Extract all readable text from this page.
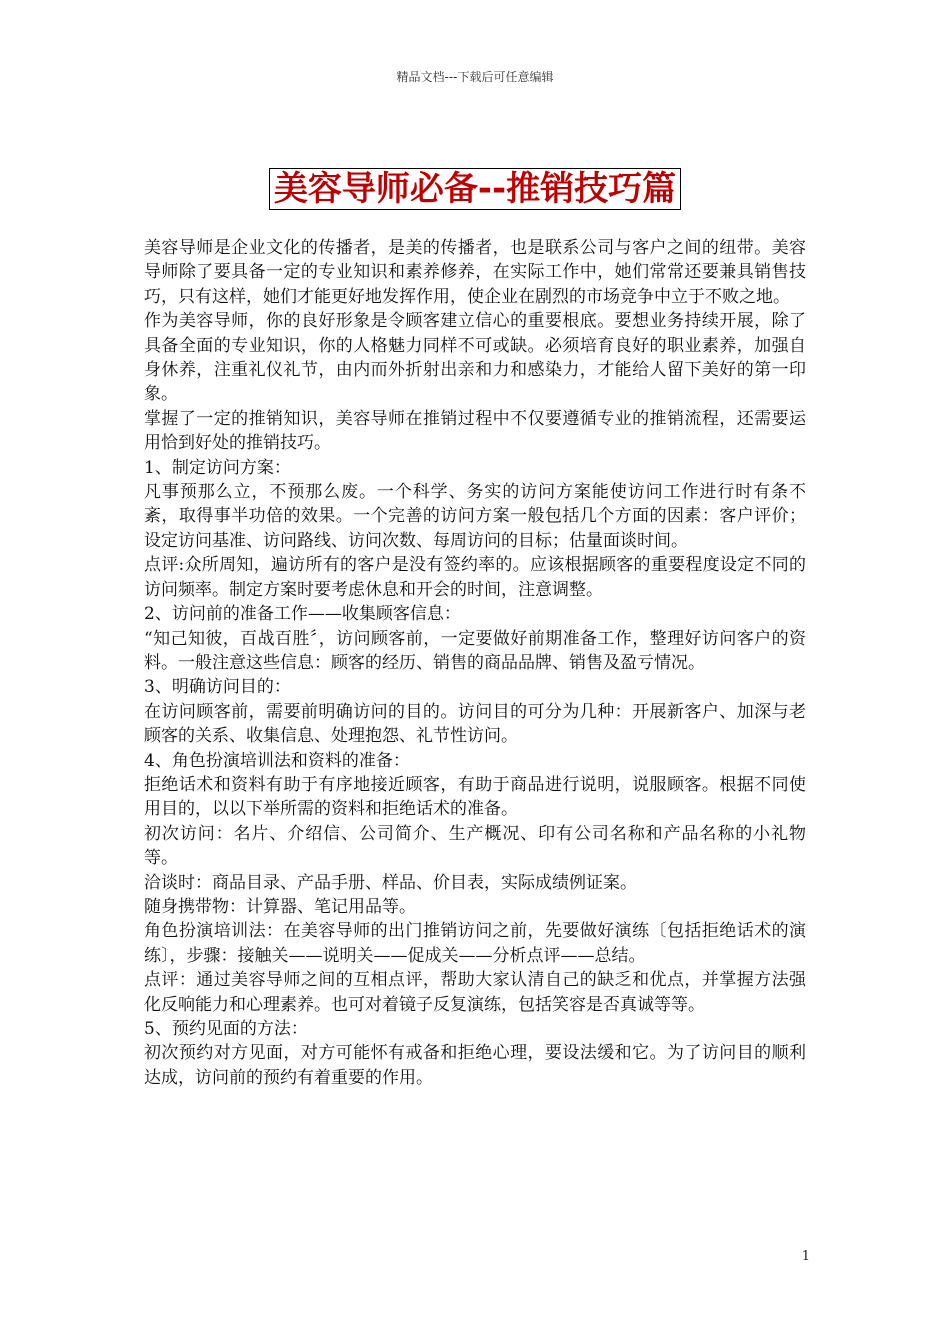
精品文档---下载后可任意编辑
美容导师必备--推销技巧篇

美容导师是企业文化的传播者，是美的传播者，也是联系公司与客户之间的纽带。美容导师除了要具备一定的专业知识和素养修养，在实际工作中，她们常常还要兼具销售技巧，只有这样，她们才能更好地发挥作用，使企业在剧烈的市场竞争中立于不败之地。

作为美容导师，你的良好形象是令顾客建立信心的重要根底。要想业务持续开展，除了具备全面的专业知识，你的人格魅力同样不可或缺。必须培育良好的职业素养，加强自身休养，注重礼仪礼节，由内而外折射出亲和力和感染力，才能给人留下美好的第一印象。

掌握了一定的推销知识，美容导师在推销过程中不仅要遵循专业的推销流程，还需要运用恰到好处的推销技巧。

1、制定访问方案：

凡事预那么立，不预那么废。一个科学、务实的访问方案能使访问工作进行时有条不紊，取得事半功倍的效果。一个完善的访问方案一般包括几个方面的因素：客户评价；设定访问基准、访问路线、访问次数、每周访问的目标；估量面谈时间。

点评:众所周知，遍访所有的客户是没有签约率的。应该根据顾客的重要程度设定不同的访问频率。制定方案时要考虑休息和开会的时间，注意调整。

2、访问前的准备工作——收集顾客信息：

“知己知彼，百战百胜〞，访问顾客前，一定要做好前期准备工作，整理好访问客户的资料。一般注意这些信息：顾客的经历、销售的商品品牌、销售及盈亏情况。

3、明确访问目的：

在访问顾客前，需要前明确访问的目的。访问目的可分为几种：开展新客户、加深与老顾客的关系、收集信息、处理抱怨、礼节性访问。

4、角色扮演培训法和资料的准备：

拒绝话术和资料有助于有序地接近顾客，有助于商品进行说明，说服顾客。根据不同使用目的，以以下举所需的资料和拒绝话术的准备。

初次访问：名片、介绍信、公司简介、生产概况、印有公司名称和产品名称的小礼物等。

洽谈时：商品目录、产品手册、样品、价目表，实际成绩例证案。

随身携带物：计算器、笔记用品等。

角色扮演培训法：在美容导师的出门推销访问之前，先要做好演练〔包括拒绝话术的演练〕，步骤：接触关——说明关——促成关——分析点评——总结。

点评：通过美容导师之间的互相点评，帮助大家认清自己的缺乏和优点，并掌握方法强化反响能力和心理素养。也可对着镜子反复演练，包括笑容是否真诚等等。

5、预约见面的方法：

初次预约对方见面，对方可能怀有戒备和拒绝心理，要设法缓和它。为了访问目的顺利达成，访问前的预约有着重要的作用。

1
